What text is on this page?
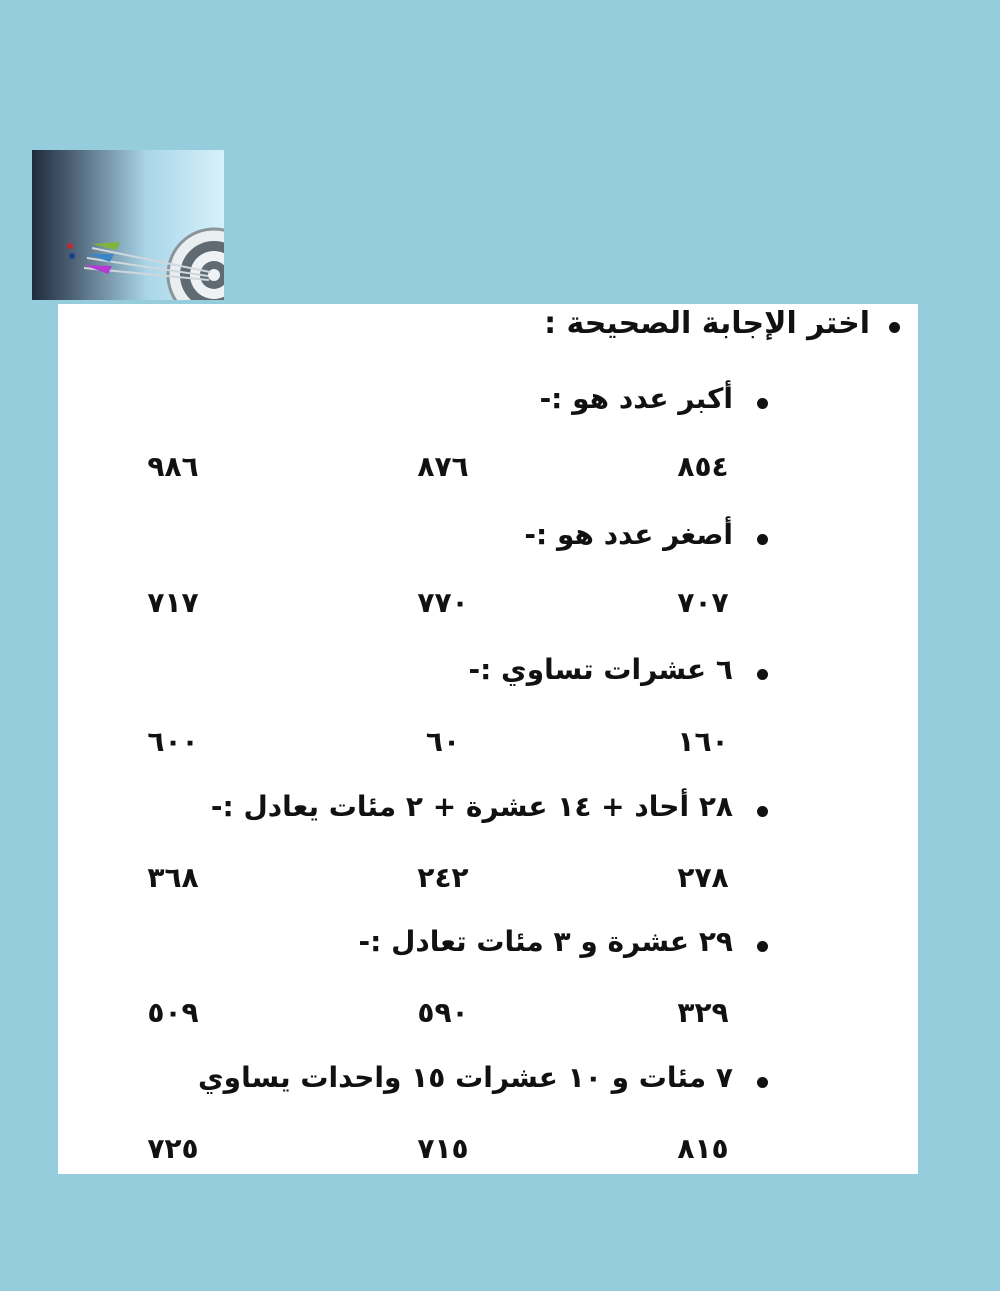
اختر الإجابة الصحيحة :
أكبر عدد هو :-
٨٥٤
٨٧٦
٩٨٦
أصغر عدد هو :-
٧٠٧
٧٧٠
٧١٧
٦ عشرات تساوي :-
١٦٠
٦٠
٦٠٠
٢٨ أحاد + ١٤ عشرة + ٢ مئات يعادل :-
٢٧٨
٢٤٢
٣٦٨
٢٩ عشرة و ٣ مئات تعادل :-
٣٢٩
٥٩٠
٥٠٩
٧ مئات و ١٠ عشرات ١٥ واحدات يساوي
٨١٥
٧١٥
٧٢٥
